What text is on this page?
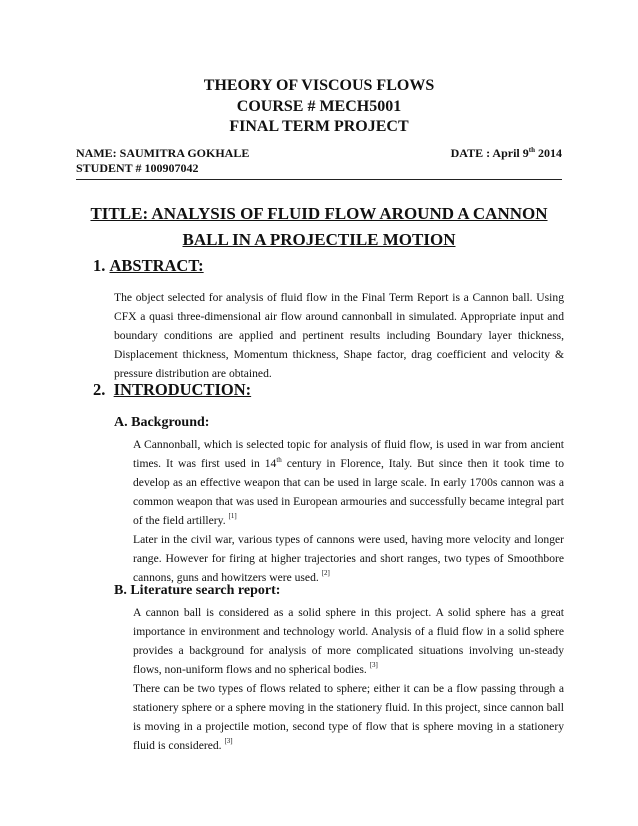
THEORY OF VISCOUS FLOWS
COURSE # MECH5001
FINAL TERM PROJECT
NAME: SAUMITRA GOKHALE	DATE : April 9th 2014
STUDENT # 100907042
TITLE: ANALYSIS OF FLUID FLOW AROUND A CANNON
BALL IN A PROJECTILE MOTION
1. ABSTRACT:

The object selected for analysis of fluid flow in the Final Term Report is a Cannon ball. Using CFX a quasi three-dimensional air flow around cannonball in simulated. Appropriate input and boundary conditions are applied and pertinent results including Boundary layer thickness, Displacement thickness, Momentum thickness, Shape factor, drag coefficient and velocity & pressure distribution are obtained.

2. INTRODUCTION:
A. Background:

A Cannonball, which is selected topic for analysis of fluid flow, is used in war from ancient times. It was first used in 14th century in Florence, Italy. But since then it took time to develop as an effective weapon that can be used in large scale. In early 1700s cannon was a common weapon that was used in European armouries and successfully became integral part of the field artillery. [1]

Later in the civil war, various types of cannons were used, having more velocity and longer range. However for firing at higher trajectories and short ranges, two types of Smoothbore cannons, guns and howitzers were used. [2]

B. Literature search report:

A cannon ball is considered as a solid sphere in this project. A solid sphere has a great importance in environment and technology world. Analysis of a fluid flow in a solid sphere provides a background for analysis of more complicated situations involving un-steady flows, non-uniform flows and no spherical bodies. [3]

There can be two types of flows related to sphere; either it can be a flow passing through a stationery sphere or a sphere moving in the stationery fluid. In this project, since cannon ball is moving in a projectile motion, second type of flow that is sphere moving in a stationery fluid is considered. [3]
